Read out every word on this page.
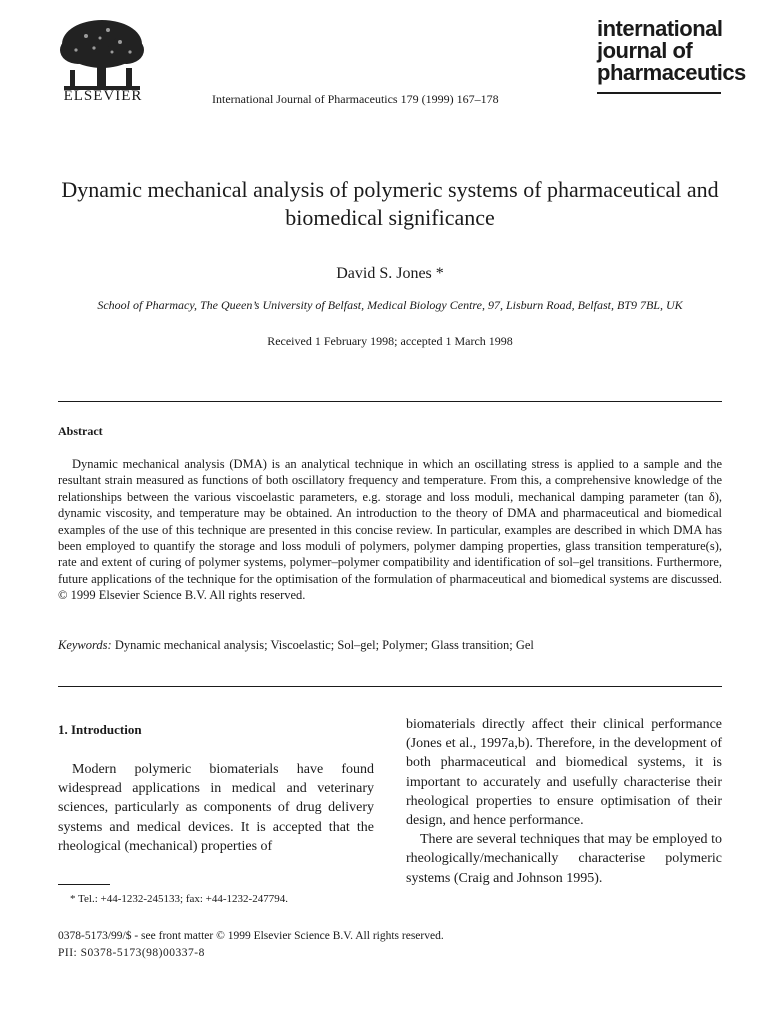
ELSEVIER	International Journal of Pharmaceutics 179 (1999) 167–178
international
journal of
pharmaceutics
Dynamic mechanical analysis of polymeric systems of pharmaceutical and biomedical significance
David S. Jones *
School of Pharmacy, The Queen’s University of Belfast, Medical Biology Centre, 97, Lisburn Road, Belfast, BT9 7BL, UK
Received 1 February 1998; accepted 1 March 1998
Abstract
Dynamic mechanical analysis (DMA) is an analytical technique in which an oscillating stress is applied to a sample and the resultant strain measured as functions of both oscillatory frequency and temperature. From this, a comprehensive knowledge of the relationships between the various viscoelastic parameters, e.g. storage and loss moduli, mechanical damping parameter (tan δ), dynamic viscosity, and temperature may be obtained. An introduction to the theory of DMA and pharmaceutical and biomedical examples of the use of this technique are presented in this concise review. In particular, examples are described in which DMA has been employed to quantify the storage and loss moduli of polymers, polymer damping properties, glass transition temperature(s), rate and extent of curing of polymer systems, polymer–polymer compatibility and identification of sol–gel transitions. Furthermore, future applications of the technique for the optimisation of the formulation of pharmaceutical and biomedical systems are discussed. © 1999 Elsevier Science B.V. All rights reserved.
Keywords: Dynamic mechanical analysis; Viscoelastic; Sol–gel; Polymer; Glass transition; Gel
1. Introduction
Modern polymeric biomaterials have found widespread applications in medical and veterinary sciences, particularly as components of drug delivery systems and medical devices. It is accepted that the rheological (mechanical) properties of

biomaterials directly affect their clinical performance (Jones et al., 1997a,b). Therefore, in the development of both pharmaceutical and biomedical systems, it is important to accurately and usefully characterise their rheological properties to ensure optimisation of their design, and hence performance.

There are several techniques that may be employed to rheologically/mechanically characterise polymeric systems (Craig and Johnson 1995).

* Tel.: +44-1232-245133; fax: +44-1232-247794.
0378-5173/99/$ - see front matter © 1999 Elsevier Science B.V. All rights reserved.
PII: S0378-5173(98)00337-8
